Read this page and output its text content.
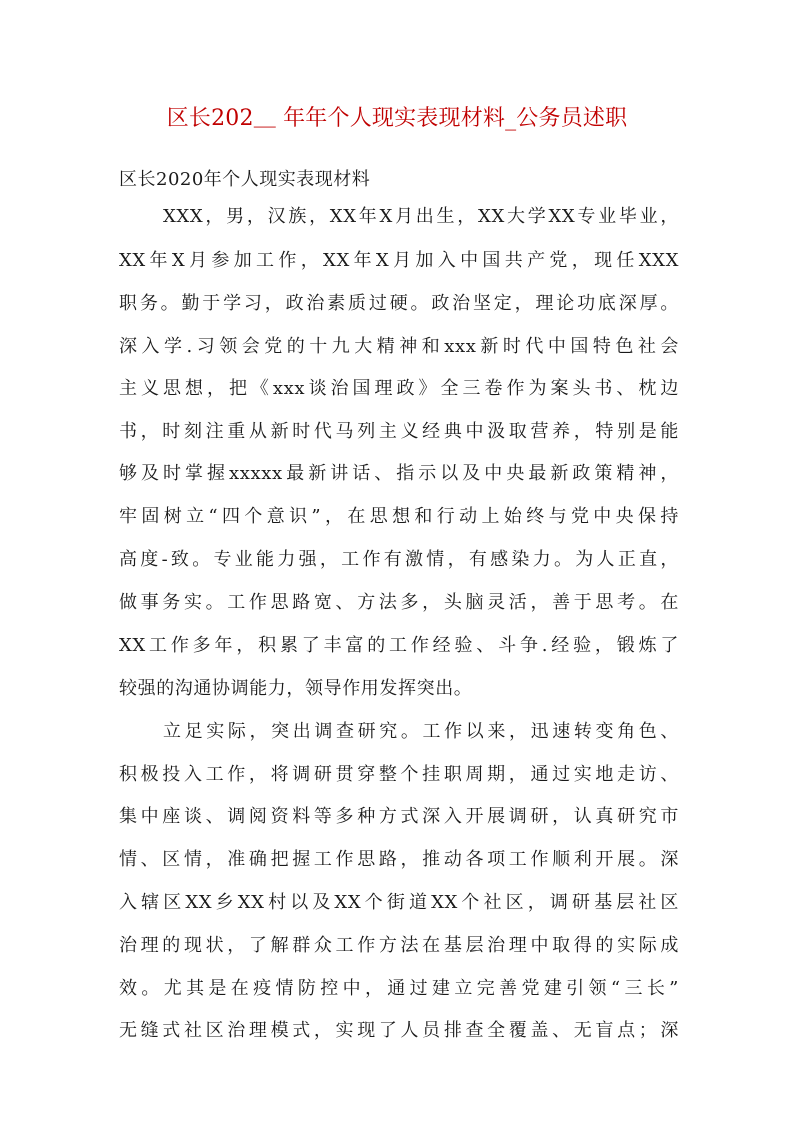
区长202＿ 年年个人现实表现材料_公务员述职
区长2020年个人现实表现材料
XXX，男，汉族，XX年X月出生，XX大学XX专业毕业，
XX年X月参加工作，XX年X月加入中国共产党，现任XXX
职务。勤于学习，政治素质过硬。政治坚定，理论功底深厚。
深入学.习领会党的十九大精神和xxx新时代中国特色社会
主义思想，把《xxx谈治国理政》全三卷作为案头书、枕边
书，时刻注重从新时代马列主义经典中汲取营养，特别是能
够及时掌握xxxxx最新讲话、指示以及中央最新政策精神，
牢固树立“四个意识”，在思想和行动上始终与党中央保持
高度-致。专业能力强，工作有激情，有感染力。为人正直，
做事务实。工作思路宽、方法多，头脑灵活，善于思考。在
XX工作多年，积累了丰富的工作经验、斗争.经验，锻炼了
较强的沟通协调能力，领导作用发挥突出。
立足实际，突出调查研究。工作以来，迅速转变角色、
积极投入工作，将调研贯穿整个挂职周期，通过实地走访、
集中座谈、调阅资料等多种方式深入开展调研，认真研究市
情、区情，准确把握工作思路，推动各项工作顺利开展。深
入辖区XX乡XX村以及XX个街道XX个社区，调研基层社区
治理的现状，了解群众工作方法在基层治理中取得的实际成
效。尤其是在疫情防控中，通过建立完善党建引领“三长”
无缝式社区治理模式，实现了人员排查全覆盖、无盲点；深
